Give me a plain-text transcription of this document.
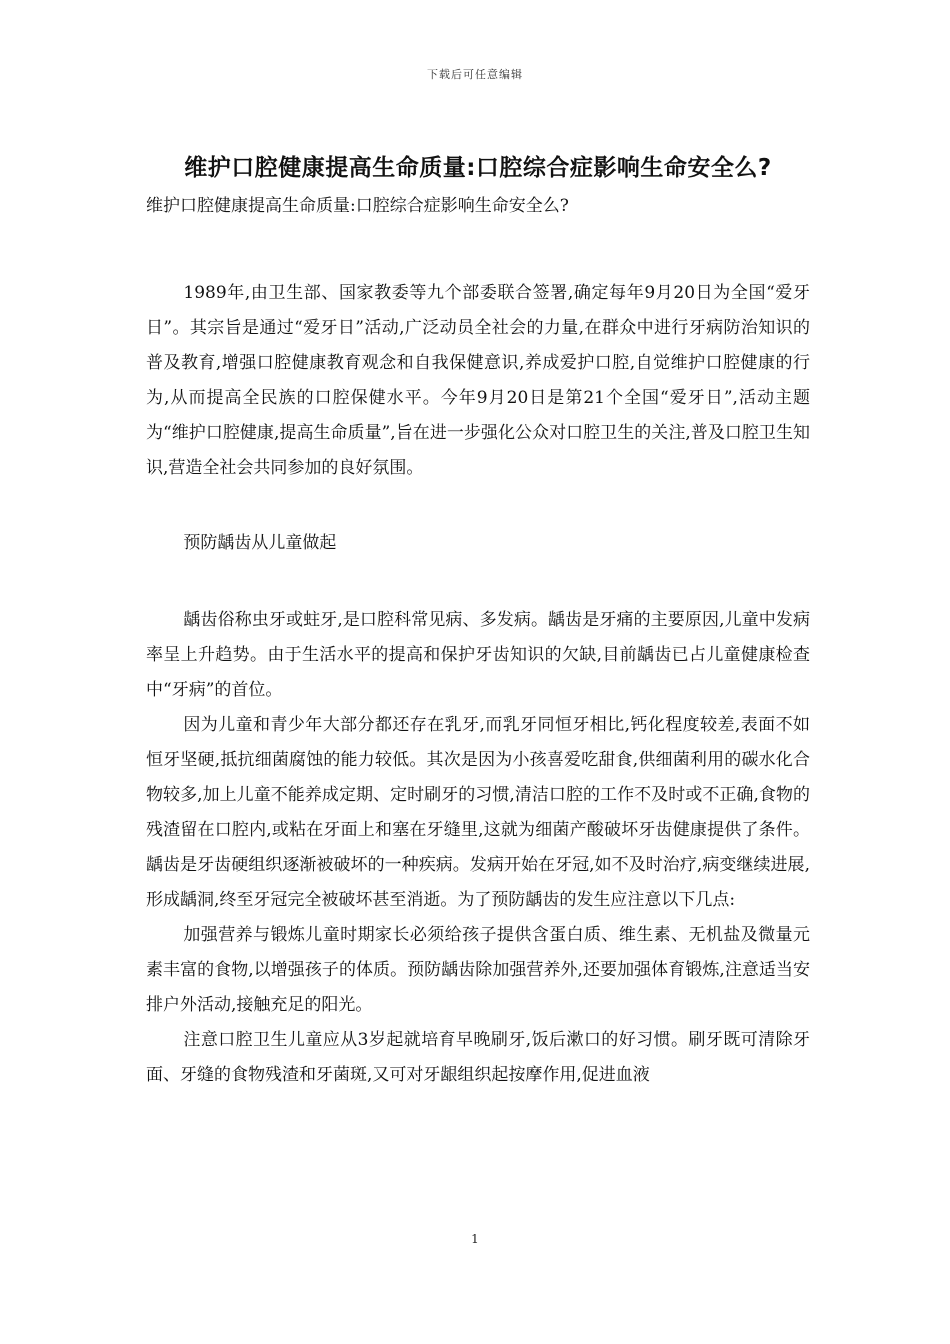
下载后可任意编辑
维护口腔健康提高生命质量:口腔综合症影响生命安全么?
维护口腔健康提高生命质量:口腔综合症影响生命安全么?

1989年,由卫生部、国家教委等九个部委联合签署,确定每年9月20日为全国“爱牙日”。其宗旨是通过“爱牙日”活动,广泛动员全社会的力量,在群众中进行牙病防治知识的普及教育,增强口腔健康教育观念和自我保健意识,养成爱护口腔,自觉维护口腔健康的行为,从而提高全民族的口腔保健水平。今年9月20日是第21个全国“爱牙日”,活动主题为“维护口腔健康,提高生命质量”,旨在进一步强化公众对口腔卫生的关注,普及口腔卫生知识,营造全社会共同参加的良好氛围。

预防龋齿从儿童做起

龋齿俗称虫牙或蛀牙,是口腔科常见病、多发病。龋齿是牙痛的主要原因,儿童中发病率呈上升趋势。由于生活水平的提高和保护牙齿知识的欠缺,目前龋齿已占儿童健康检查中“牙病”的首位。

因为儿童和青少年大部分都还存在乳牙,而乳牙同恒牙相比,钙化程度较差,表面不如恒牙坚硬,抵抗细菌腐蚀的能力较低。其次是因为小孩喜爱吃甜食,供细菌利用的碳水化合物较多,加上儿童不能养成定期、定时刷牙的习惯,清洁口腔的工作不及时或不正确,食物的残渣留在口腔内,或粘在牙面上和塞在牙缝里,这就为细菌产酸破坏牙齿健康提供了条件。 龋齿是牙齿硬组织逐渐被破坏的一种疾病。发病开始在牙冠,如不及时治疗,病变继续进展,形成龋洞,终至牙冠完全被破坏甚至消逝。为了预防龋齿的发生应注意以下几点:

加强营养与锻炼儿童时期家长必须给孩子提供含蛋白质、维生素、无机盐及微量元素丰富的食物,以增强孩子的体质。预防龋齿除加强营养外,还要加强体育锻炼,注意适当安排户外活动,接触充足的阳光。

注意口腔卫生儿童应从3岁起就培育早晚刷牙,饭后漱口的好习惯。刷牙既可清除牙面、牙缝的食物残渣和牙菌斑,又可对牙龈组织起按摩作用,促进血液

1
